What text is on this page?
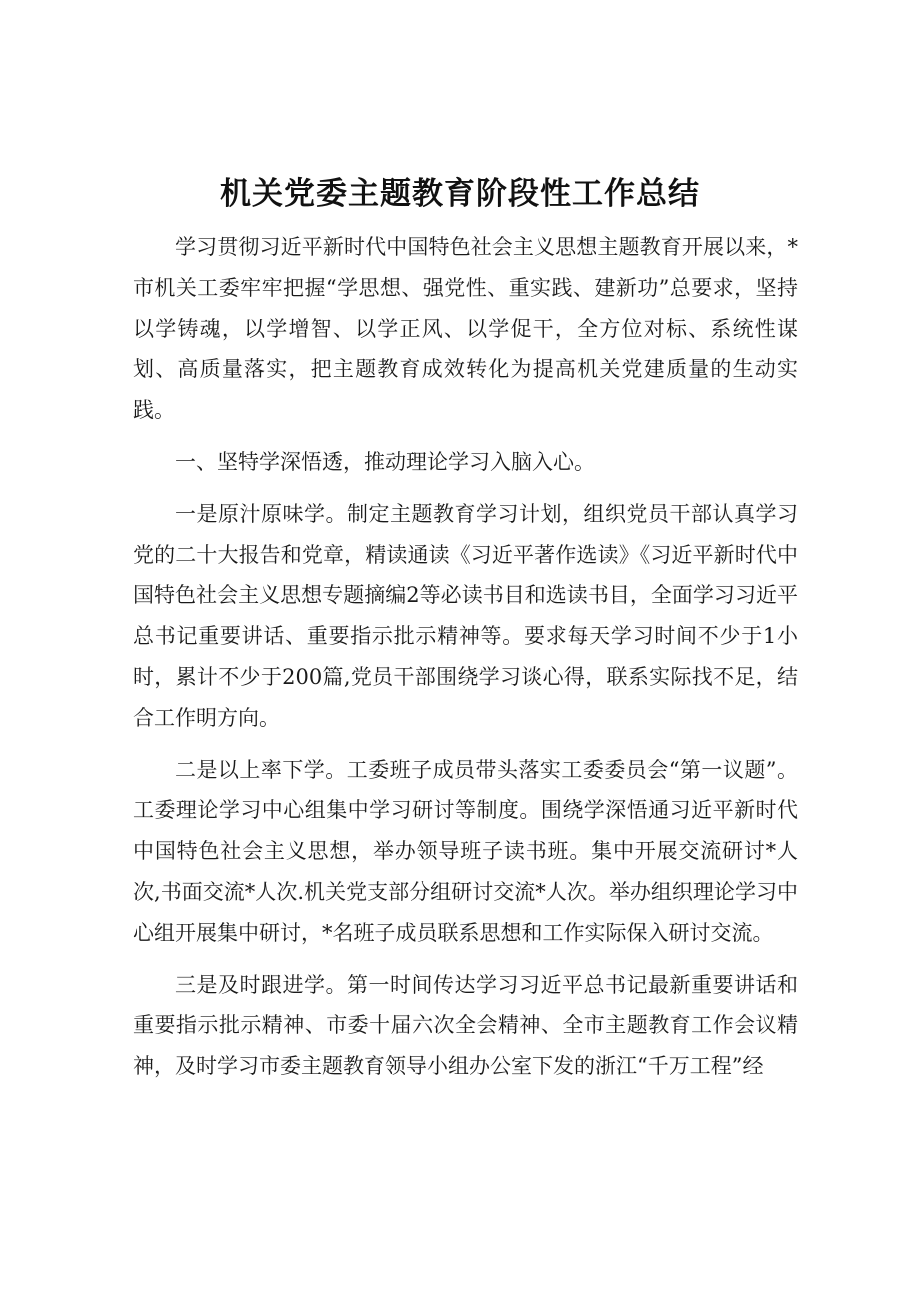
机关党委主题教育阶段性工作总结

学习贯彻习近平新时代中国特色社会主义思想主题教育开展以来，*市机关工委牢牢把握“学思想、强党性、重实践、建新功”总要求，坚持以学铸魂，以学增智、以学正风、以学促干，全方位对标、系统性谋划、高质量落实，把主题教育成效转化为提高机关党建质量的生动实践。

一、坚特学深悟透，推动理论学习入脑入心。

一是原汁原味学。制定主题教育学习计划，组织党员干部认真学习党的二十大报告和党章，精读通读《习近平著作选读》《习近平新时代中国特色社会主义思想专题摘编2等必读书目和选读书目，全面学习习近平总书记重要讲话、重要指示批示精神等。要求每天学习时间不少于1小时，累计不少于200篇,党员干部围绕学习谈心得，联系实际找不足，结合工作明方向。

二是以上率下学。工委班子成员带头落实工委委员会“第一议题”。工委理论学习中心组集中学习研讨等制度。围绕学深悟通习近平新时代中国特色社会主义思想，举办领导班子读书班。集中开展交流研讨*人次,书面交流*人次.机关党支部分组研讨交流*人次。举办组织理论学习中心组开展集中研讨，*名班子成员联系思想和工作实际保入研讨交流。

三是及时跟进学。第一时间传达学习习近平总书记最新重要讲话和重要指示批示精神、市委十届六次全会精神、全市主题教育工作会议精神，及时学习市委主题教育领导小组办公室下发的浙江“千万工程”经
